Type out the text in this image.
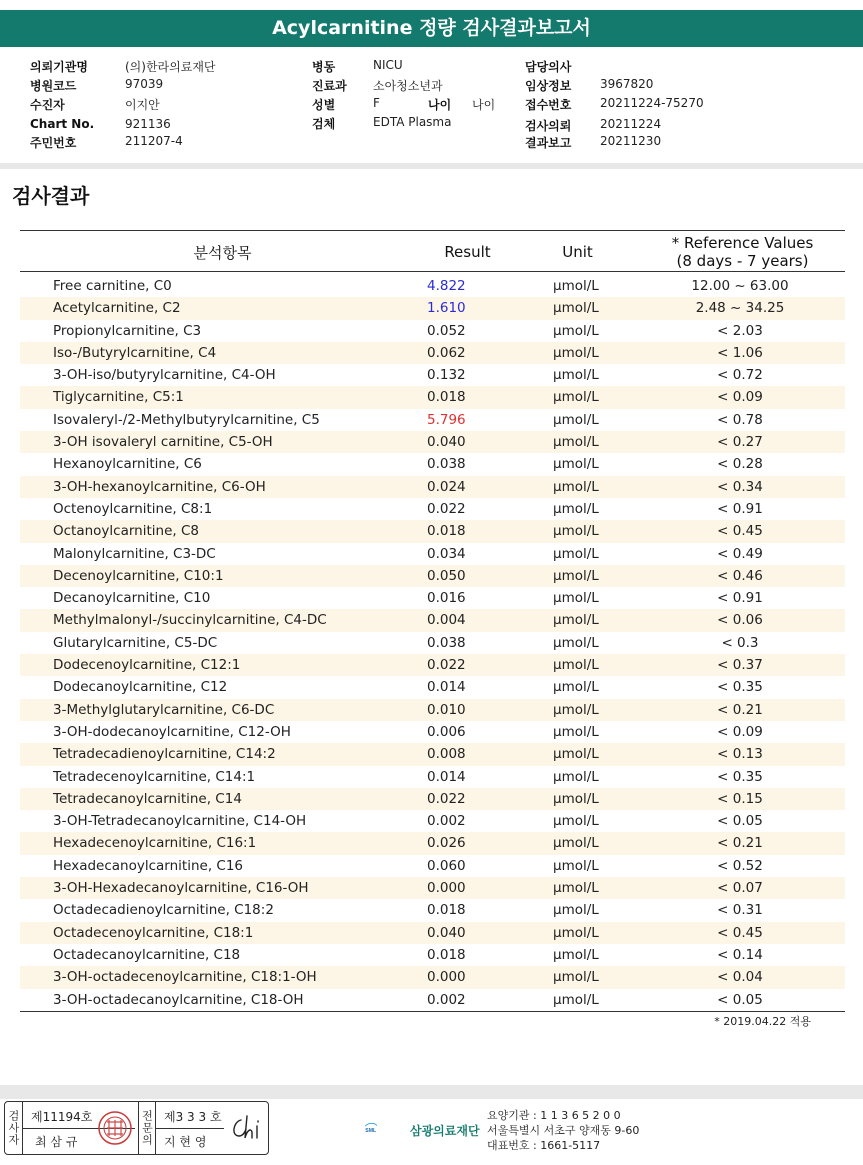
Acylcarnitine 정량 검사결과보고서
의뢰기관명	(의)한라의료재단
병원코드	97039
수진자	이지안
Chart No.	921136
주민번호	211207-4
병동	NICU
진료과 소아청소년과
성별	F	나이 나이
검체	EDTA Plasma
담당의사
임상정보 3967820
접수번호 20211224-75270
검사의뢰 20211224
결과보고 20211230
검사결과
분석항목	Result	Unit	* Reference Values
(8 days - 7 years)
Free carnitine, C0	4.822	μmol/L	12.00 ~ 63.00
Acetylcarnitine, C2	1.610	μmol/L	2.48 ~ 34.25
Propionylcarnitine, C3	0.052	μmol/L	< 2.03
Iso-/Butyrylcarnitine, C4	0.062	μmol/L	< 1.06
3-OH-iso/butyrylcarnitine, C4-OH	0.132	μmol/L	< 0.72
Tiglycarnitine, C5:1	0.018	μmol/L	< 0.09
Isovaleryl-/2-Methylbutyrylcarnitine, C5	5.796	μmol/L	< 0.78
3-OH isovaleryl carnitine, C5-OH	0.040	μmol/L	< 0.27
Hexanoylcarnitine, C6	0.038	μmol/L	< 0.28
3-OH-hexanoylcarnitine, C6-OH	0.024	μmol/L	< 0.34
Octenoylcarnitine, C8:1	0.022	μmol/L	< 0.91
Octanoylcarnitine, C8	0.018	μmol/L	< 0.45
Malonylcarnitine, C3-DC	0.034	μmol/L	< 0.49
Decenoylcarnitine, C10:1	0.050	μmol/L	< 0.46
Decanoylcarnitine, C10	0.016	μmol/L	< 0.91
Methylmalonyl-/succinylcarnitine, C4-DC	0.004	μmol/L	< 0.06
Glutarylcarnitine, C5-DC	0.038	μmol/L	< 0.3
Dodecenoylcarnitine, C12:1	0.022	μmol/L	< 0.37
Dodecanoylcarnitine, C12	0.014	μmol/L	< 0.35
3-Methylglutarylcarnitine, C6-DC	0.010	μmol/L	< 0.21
3-OH-dodecanoylcarnitine, C12-OH	0.006	μmol/L	< 0.09
Tetradecadienoylcarnitine, C14:2	0.008	μmol/L	< 0.13
Tetradecenoylcarnitine, C14:1	0.014	μmol/L	< 0.35
Tetradecanoylcarnitine, C14	0.022	μmol/L	< 0.15
3-OH-Tetradecanoylcarnitine, C14-OH	0.002	μmol/L	< 0.05
Hexadecenoylcarnitine, C16:1	0.026	μmol/L	< 0.21
Hexadecanoylcarnitine, C16	0.060	μmol/L	< 0.52
3-OH-Hexadecanoylcarnitine, C16-OH	0.000	μmol/L	< 0.07
Octadecadienoylcarnitine, C18:2	0.018	μmol/L	< 0.31
Octadecenoylcarnitine, C18:1	0.040	μmol/L	< 0.45
Octadecanoylcarnitine, C18	0.018	μmol/L	< 0.14
3-OH-octadecenoylcarnitine, C18:1-OH	0.000	μmol/L	< 0.04
3-OH-octadecanoylcarnitine, C18-OH	0.002	μmol/L	< 0.05
* 2019.04.22 적용
검사자 제11194호
최 삼 규	전문의 제3 3 3 호
지 현 영
SML	삼광의료재단
요양기관 : 1 1 3 6 5 2 0 0
서울특별시 서초구 양재동 9-60
대표번호 : 1661-5117
